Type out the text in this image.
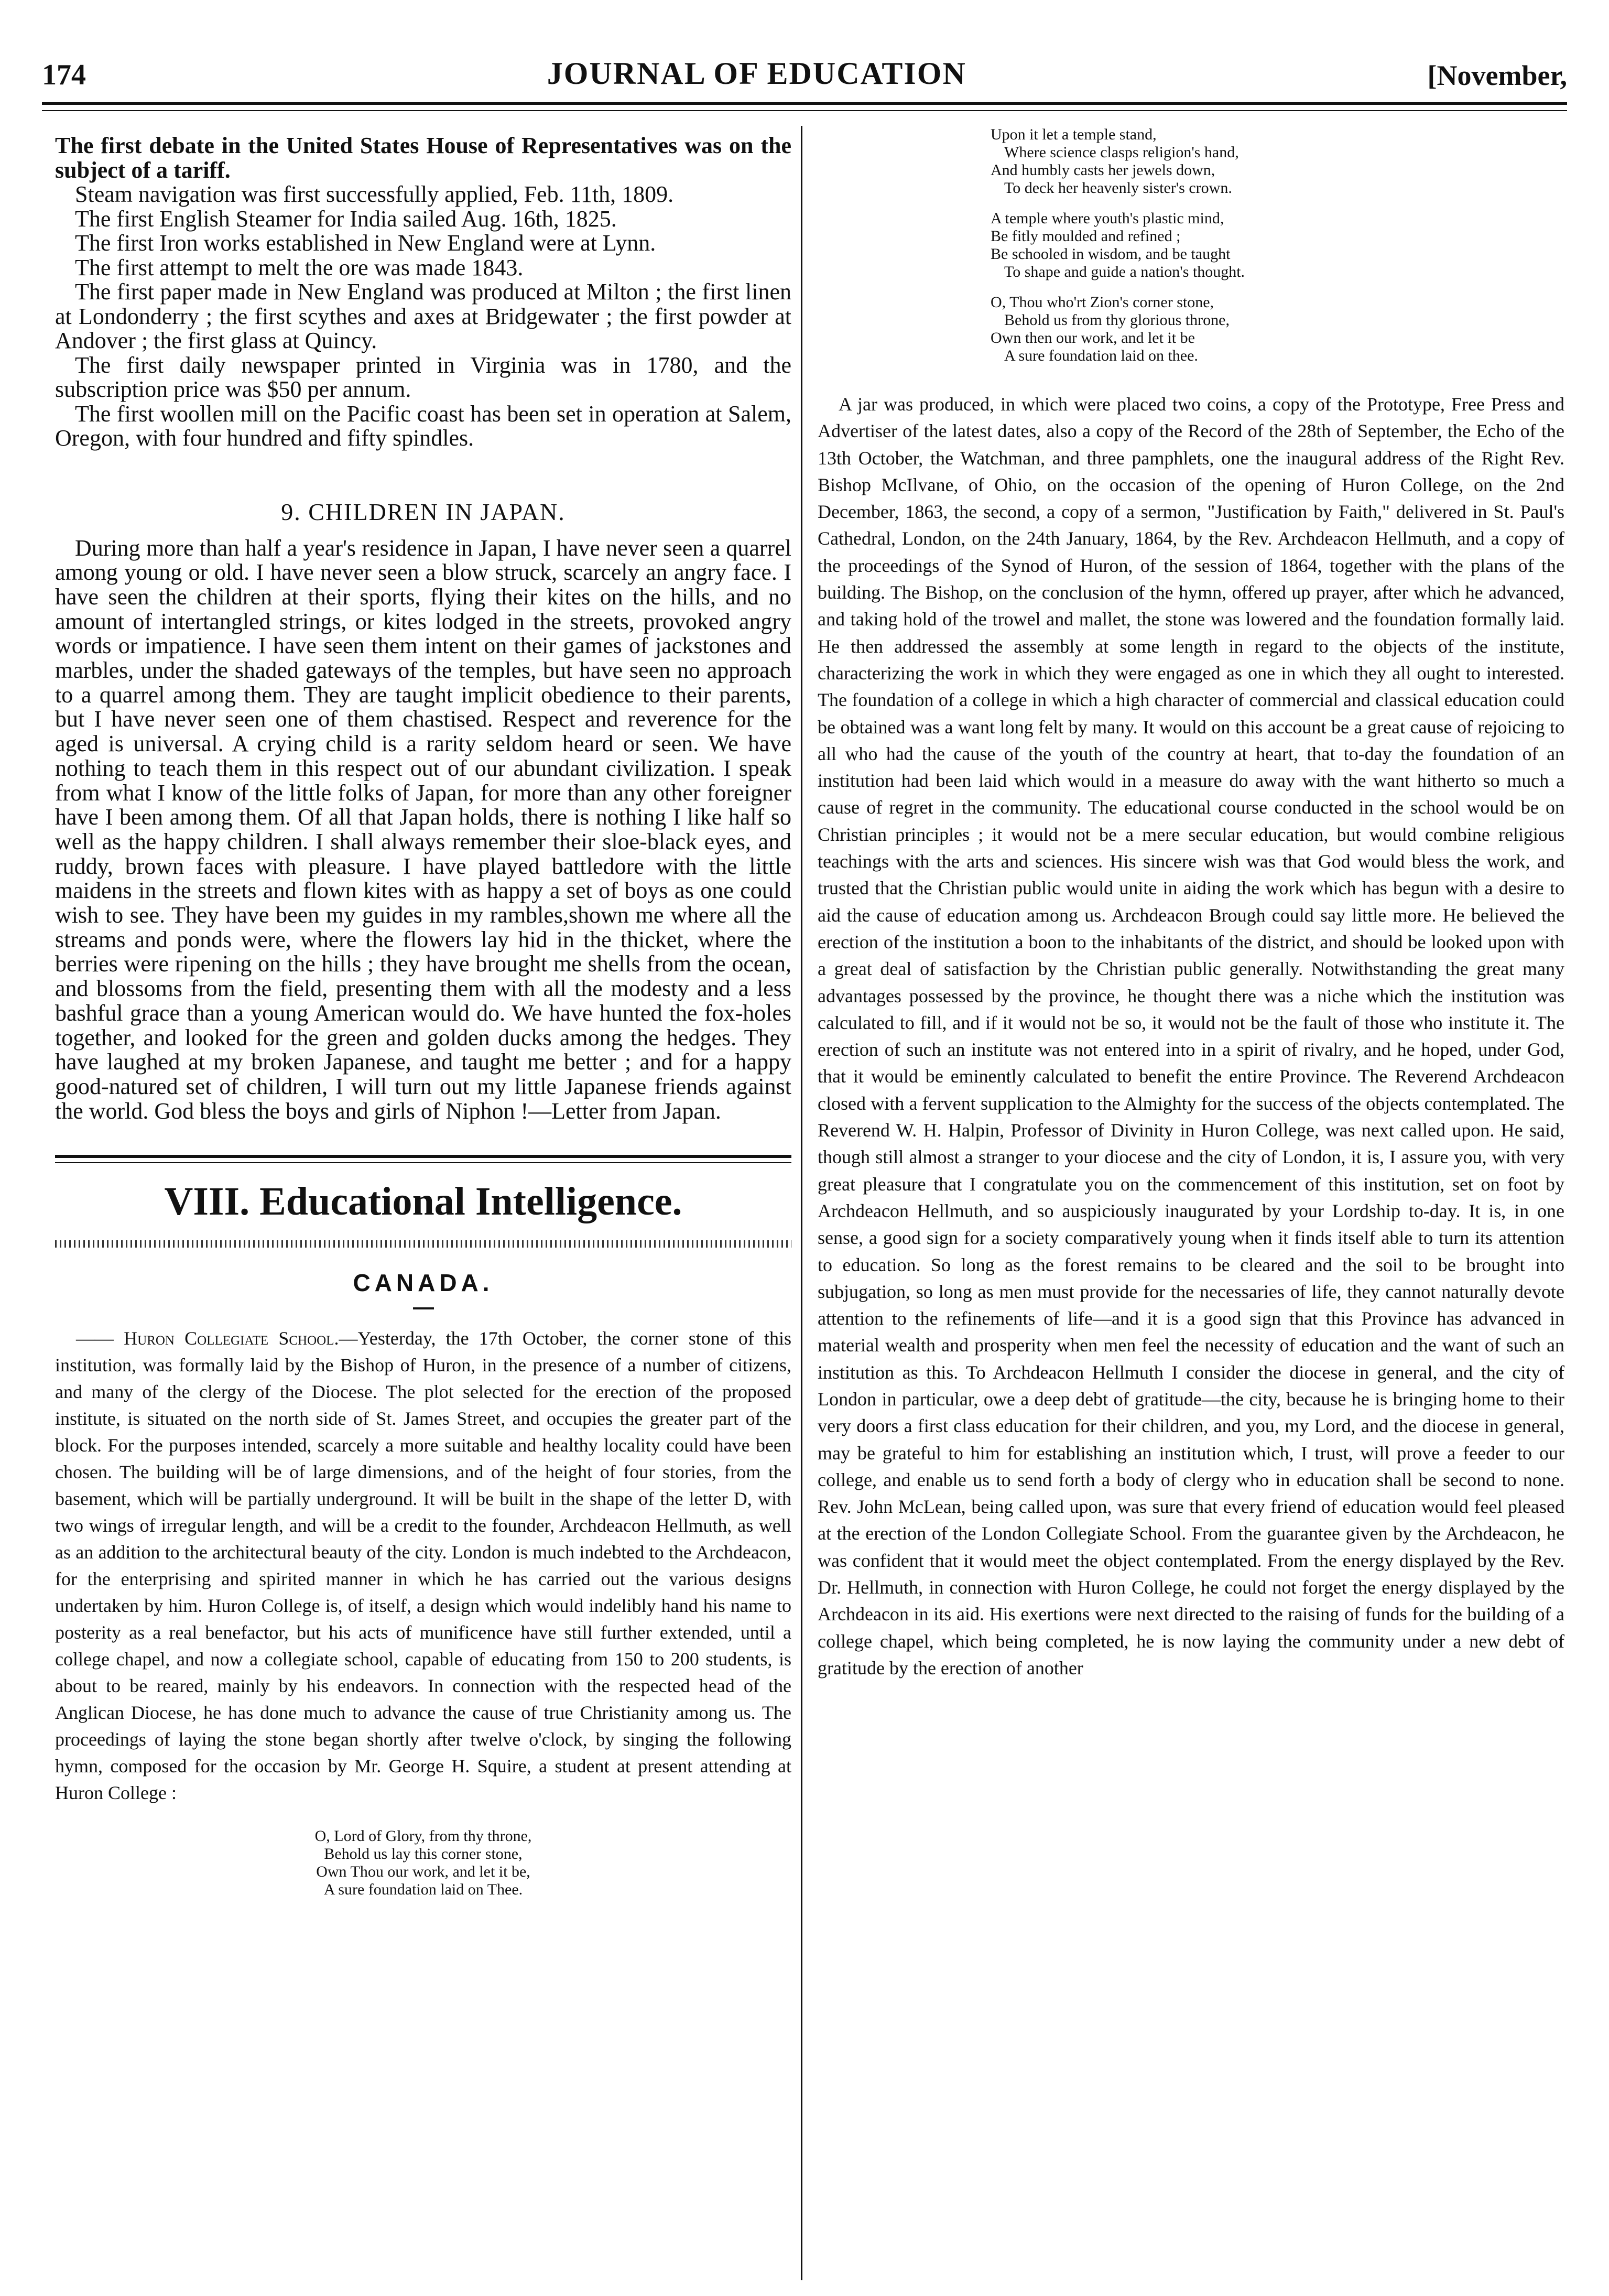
174	JOURNAL OF EDUCATION	[November,

The first debate in the United States House of Representatives was on the subject of a tariff.

Steam navigation was first successfully applied, Feb. 11th, 1809.

The first English Steamer for India sailed Aug. 16th, 1825.

The first Iron works established in New England were at Lynn.

The first attempt to melt the ore was made 1843.

The first paper made in New England was produced at Milton ; the first linen at Londonderry ; the first scythes and axes at Bridgewater ; the first powder at Andover ; the first glass at Quincy.

The first daily newspaper printed in Virginia was in 1780, and the subscription price was $50 per annum.

The first woollen mill on the Pacific coast has been set in operation at Salem, Oregon, with four hundred and fifty spindles.

9. CHILDREN IN JAPAN.

During more than half a year's residence in Japan, I have never seen a quarrel among young or old. I have never seen a blow struck, scarcely an angry face. I have seen the children at their sports, flying their kites on the hills, and no amount of intertangled strings, or kites lodged in the streets, provoked angry words or impatience. I have seen them intent on their games of jackstones and marbles, under the shaded gateways of the temples, but have seen no approach to a quarrel among them. They are taught implicit obedience to their parents, but I have never seen one of them chastised. Respect and reverence for the aged is universal. A crying child is a rarity seldom heard or seen. We have nothing to teach them in this respect out of our abundant civilization. I speak from what I know of the little folks of Japan, for more than any other foreigner have I been among them. Of all that Japan holds, there is nothing I like half so well as the happy children. I shall always remember their sloe-black eyes, and ruddy, brown faces with pleasure. I have played battledore with the little maidens in the streets and flown kites with as happy a set of boys as one could wish to see. They have been my guides in my rambles,shown me where all the streams and ponds were, where the flowers lay hid in the thicket, where the berries were ripening on the hills ; they have brought me shells from the ocean, and blossoms from the field, presenting them with all the modesty and a less bashful grace than a young American would do. We have hunted the fox-holes together, and looked for the green and golden ducks among the hedges. They have laughed at my broken Japanese, and taught me better ; and for a happy good-natured set of children, I will turn out my little Japanese friends against the world. God bless the boys and girls of Niphon !—Letter from Japan.

VIII. Educational Intelligence.
CANADA.

—— Huron Collegiate School.—Yesterday, the 17th October, the corner stone of this institution, was formally laid by the Bishop of Huron, in the presence of a number of citizens, and many of the clergy of the Diocese. The plot selected for the erection of the proposed institute, is situated on the north side of St. James Street, and occupies the greater part of the block. For the purposes intended, scarcely a more suitable and healthy locality could have been chosen. The building will be of large dimensions, and of the height of four stories, from the basement, which will be partially underground. It will be built in the shape of the letter D, with two wings of irregular length, and will be a credit to the founder, Archdeacon Hellmuth, as well as an addition to the architectural beauty of the city. London is much indebted to the Archdeacon, for the enterprising and spirited manner in which he has carried out the various designs undertaken by him. Huron College is, of itself, a design which would indelibly hand his name to posterity as a real benefactor, but his acts of munificence have still further extended, until a college chapel, and now a collegiate school, capable of educating from 150 to 200 students, is about to be reared, mainly by his endeavors. In connection with the respected head of the Anglican Diocese, he has done much to advance the cause of true Christianity among us. The proceedings of laying the stone began shortly after twelve o'clock, by singing the following hymn, composed for the occasion by Mr. George H. Squire, a student at present attending at Huron College :

O, Lord of Glory, from thy throne,
Behold us lay this corner stone,
Own Thou our work, and let it be,
A sure foundation laid on Thee.
Upon it let a temple stand,
Where science clasps religion's hand,
And humbly casts her jewels down,
To deck her heavenly sister's crown.
A temple where youth's plastic mind,
Be fitly moulded and refined ;
Be schooled in wisdom, and be taught
To shape and guide a nation's thought.
O, Thou who'rt Zion's corner stone,
Behold us from thy glorious throne,
Own then our work, and let it be
A sure foundation laid on thee.

A jar was produced, in which were placed two coins, a copy of the Prototype, Free Press and Advertiser of the latest dates, also a copy of the Record of the 28th of September, the Echo of the 13th October, the Watchman, and three pamphlets, one the inaugural address of the Right Rev. Bishop McIlvane, of Ohio, on the occasion of the opening of Huron College, on the 2nd December, 1863, the second, a copy of a sermon, "Justification by Faith," delivered in St. Paul's Cathedral, London, on the 24th January, 1864, by the Rev. Archdeacon Hellmuth, and a copy of the proceedings of the Synod of Huron, of the session of 1864, together with the plans of the building. The Bishop, on the conclusion of the hymn, offered up prayer, after which he advanced, and taking hold of the trowel and mallet, the stone was lowered and the foundation formally laid. He then addressed the assembly at some length in regard to the objects of the institute, characterizing the work in which they were engaged as one in which they all ought to interested. The foundation of a college in which a high character of commercial and classical education could be obtained was a want long felt by many. It would on this account be a great cause of rejoicing to all who had the cause of the youth of the country at heart, that to-day the foundation of an institution had been laid which would in a measure do away with the want hitherto so much a cause of regret in the community. The educational course conducted in the school would be on Christian principles ; it would not be a mere secular education, but would combine religious teachings with the arts and sciences. His sincere wish was that God would bless the work, and trusted that the Christian public would unite in aiding the work which has begun with a desire to aid the cause of education among us. Archdeacon Brough could say little more. He believed the erection of the institution a boon to the inhabitants of the district, and should be looked upon with a great deal of satisfaction by the Christian public generally. Notwithstanding the great many advantages possessed by the province, he thought there was a niche which the institution was calculated to fill, and if it would not be so, it would not be the fault of those who institute it. The erection of such an institute was not entered into in a spirit of rivalry, and he hoped, under God, that it would be eminently calculated to benefit the entire Province. The Reverend Archdeacon closed with a fervent supplication to the Almighty for the success of the objects contemplated. The Reverend W. H. Halpin, Professor of Divinity in Huron College, was next called upon. He said, though still almost a stranger to your diocese and the city of London, it is, I assure you, with very great pleasure that I congratulate you on the commencement of this institution, set on foot by Archdeacon Hellmuth, and so auspiciously inaugurated by your Lordship to-day. It is, in one sense, a good sign for a society comparatively young when it finds itself able to turn its attention to education. So long as the forest remains to be cleared and the soil to be brought into subjugation, so long as men must provide for the necessaries of life, they cannot naturally devote attention to the refinements of life—and it is a good sign that this Province has advanced in material wealth and prosperity when men feel the necessity of education and the want of such an institution as this. To Archdeacon Hellmuth I consider the diocese in general, and the city of London in particular, owe a deep debt of gratitude—the city, because he is bringing home to their very doors a first class education for their children, and you, my Lord, and the diocese in general, may be grateful to him for establishing an institution which, I trust, will prove a feeder to our college, and enable us to send forth a body of clergy who in education shall be second to none. Rev. John McLean, being called upon, was sure that every friend of education would feel pleased at the erection of the London Collegiate School. From the guarantee given by the Archdeacon, he was confident that it would meet the object contemplated. From the energy displayed by the Rev. Dr. Hellmuth, in connection with Huron College, he could not forget the energy displayed by the Archdeacon in its aid. His exertions were next directed to the raising of funds for the building of a college chapel, which being completed, he is now laying the community under a new debt of gratitude by the erection of another
